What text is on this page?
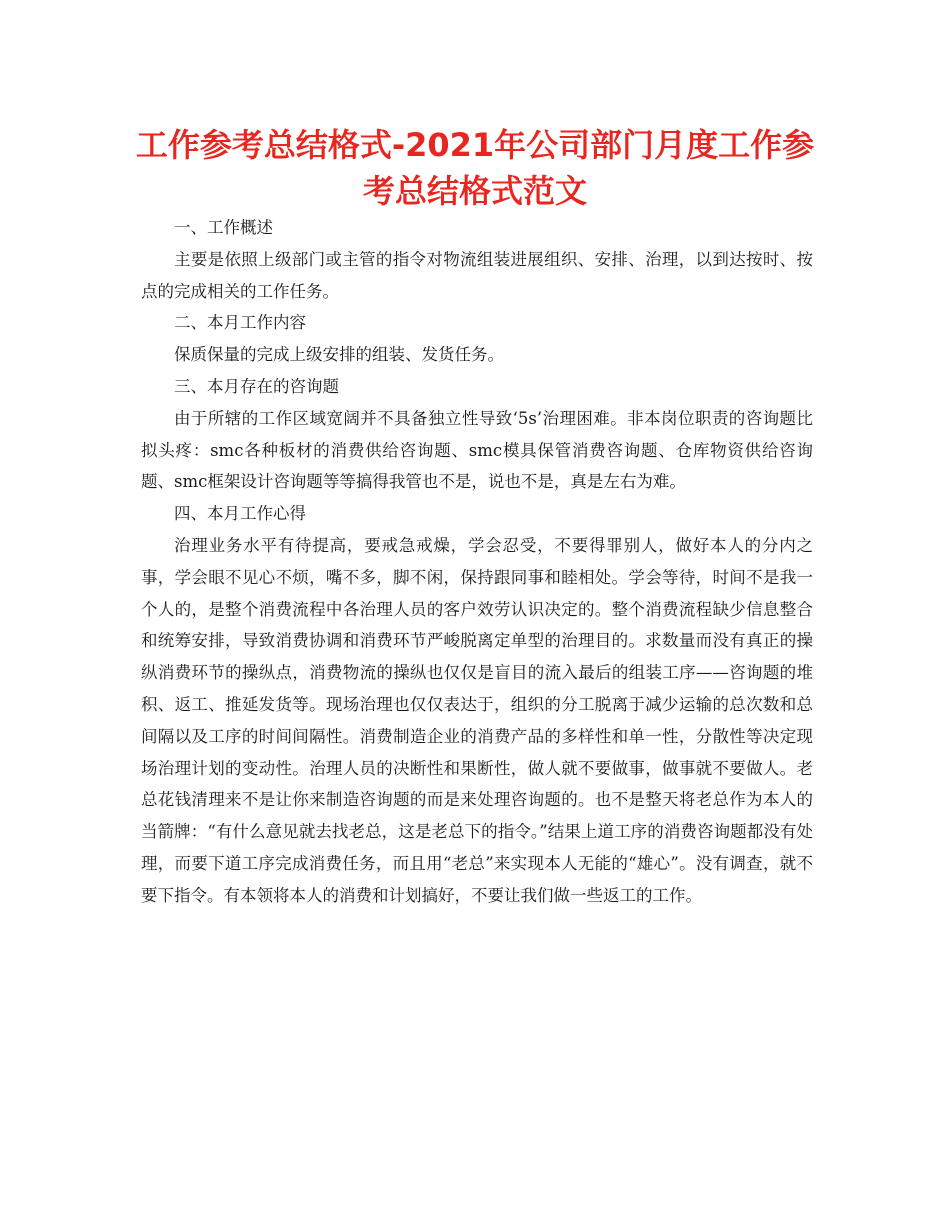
工作参考总结格式-2021年公司部门月度工作参考总结格式范文

一、工作概述

主要是依照上级部门或主管的指令对物流组装进展组织、安排、治理，以到达按时、按点的完成相关的工作任务。

二、本月工作内容

保质保量的完成上级安排的组装、发货任务。

三、本月存在的咨询题

由于所辖的工作区域宽阔并不具备独立性导致‘5s’治理困难。非本岗位职责的咨询题比拟头疼：smc各种板材的消费供给咨询题、smc模具保管消费咨询题、仓库物资供给咨询题、smc框架设计咨询题等等搞得我管也不是，说也不是，真是左右为难。

四、本月工作心得

治理业务水平有待提高，要戒急戒燥，学会忍受，不要得罪别人，做好本人的分内之事，学会眼不见心不烦，嘴不多，脚不闲，保持跟同事和睦相处。学会等待，时间不是我一个人的，是整个消费流程中各治理人员的客户效劳认识决定的。整个消费流程缺少信息整合和统筹安排，导致消费协调和消费环节严峻脱离定单型的治理目的。求数量而没有真正的操纵消费环节的操纵点，消费物流的操纵也仅仅是盲目的流入最后的组装工序——咨询题的堆积、返工、推延发货等。现场治理也仅仅表达于，组织的分工脱离于减少运输的总次数和总间隔以及工序的时间间隔性。消费制造企业的消费产品的多样性和单一性，分散性等决定现场治理计划的变动性。治理人员的决断性和果断性，做人就不要做事，做事就不要做人。老总花钱清理来不是让你来制造咨询题的而是来处理咨询题的。也不是整天将老总作为本人的当箭牌：“有什么意见就去找老总，这是老总下的指令。”结果上道工序的消费咨询题都没有处理，而要下道工序完成消费任务，而且用“老总”来实现本人无能的“雄心”。没有调查，就不要下指令。有本领将本人的消费和计划搞好，不要让我们做一些返工的工作。
